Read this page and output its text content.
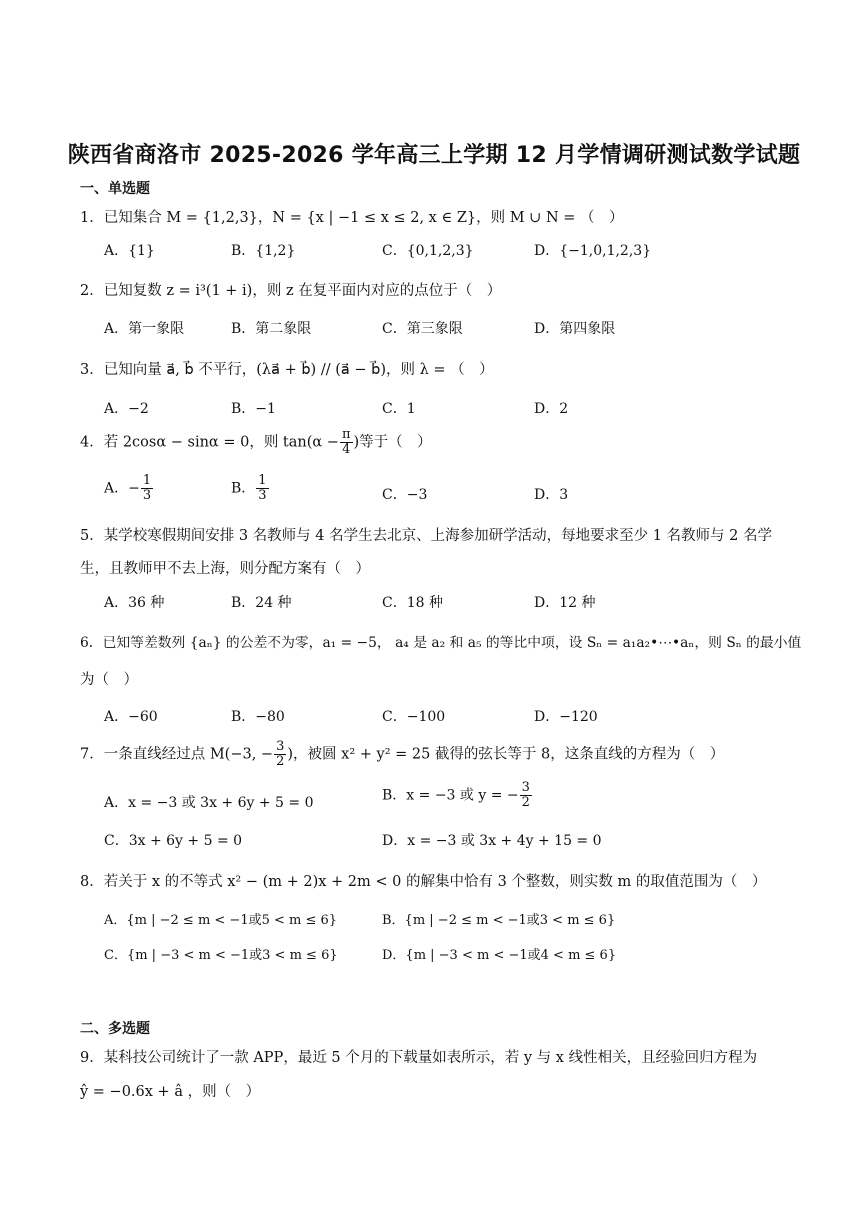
陕西省商洛市 2025-2026 学年高三上学期 12 月学情调研测试数学试题
一、单选题
1．已知集合 M = {1,2,3}，N = {x | −1 ≤ x ≤ 2, x ∈ Z}，则 M ∪ N = （　）
A．{1}	B．{1,2}	C．{0,1,2,3}	D．{−1,0,1,2,3}
2．已知复数 z = i³(1 + i)，则 z 在复平面内对应的点位于（　）
A．第一象限	B．第二象限	C．第三象限	D．第四象限
3．已知向量 a⃗, b⃗ 不平行，(λa⃗ + b⃗) // (a⃗ − b⃗)，则 λ = （　）
A．−2	B．−1	C．1	D．2
4．若 2cosα − sinα = 0，则 $\tan(\alpha - \frac{\pi}{4}$ )等于（　）
A．− $\frac{1}{3}$	B． $\frac{1}{3}$	C．−3	D．3
5．某学校寒假期间安排 3 名教师与 4 名学生去北京、上海参加研学活动，每地要求至少 1 名教师与 2 名学
生，且教师甲不去上海，则分配方案有（　）
A．36 种	B．24 种	C．18 种	D．12 种
6．已知等差数列 {aₙ} 的公差不为零，a₁ = −5， a₄ 是 a₂ 和 a₅ 的等比中项，设 Sₙ = a₁a₂•⋯•aₙ，则 Sₙ 的最小值
为（　）
A．−60	B．−80	C．−100	D．−120
7．一条直线经过点 M(−3, − $\frac{3}{2}$ )，被圆 x² + y² = 25 截得的弦长等于 8，这条直线的方程为（　）
A．x = −3 或 3x + 6y + 5 = 0	B．x = −3 或 y = − $\frac{3}{2}$
C．3x + 6y + 5 = 0	D．x = −3 或 3x + 4y + 15 = 0
8．若关于 x 的不等式 x² − (m + 2)x + 2m < 0 的解集中恰有 3 个整数，则实数 m 的取值范围为（　）
A．{m | −2 ≤ m < −1或5 < m ≤ 6}	B．{m | −2 ≤ m < −1或3 < m ≤ 6}
C．{m | −3 < m < −1或3 < m ≤ 6}	D．{m | −3 < m < −1或4 < m ≤ 6}
二、多选题
9．某科技公司统计了一款 APP，最近 5 个月的下载量如表所示，若 y 与 x 线性相关，且经验回归方程为
ŷ = −0.6x + â ，则（　）
